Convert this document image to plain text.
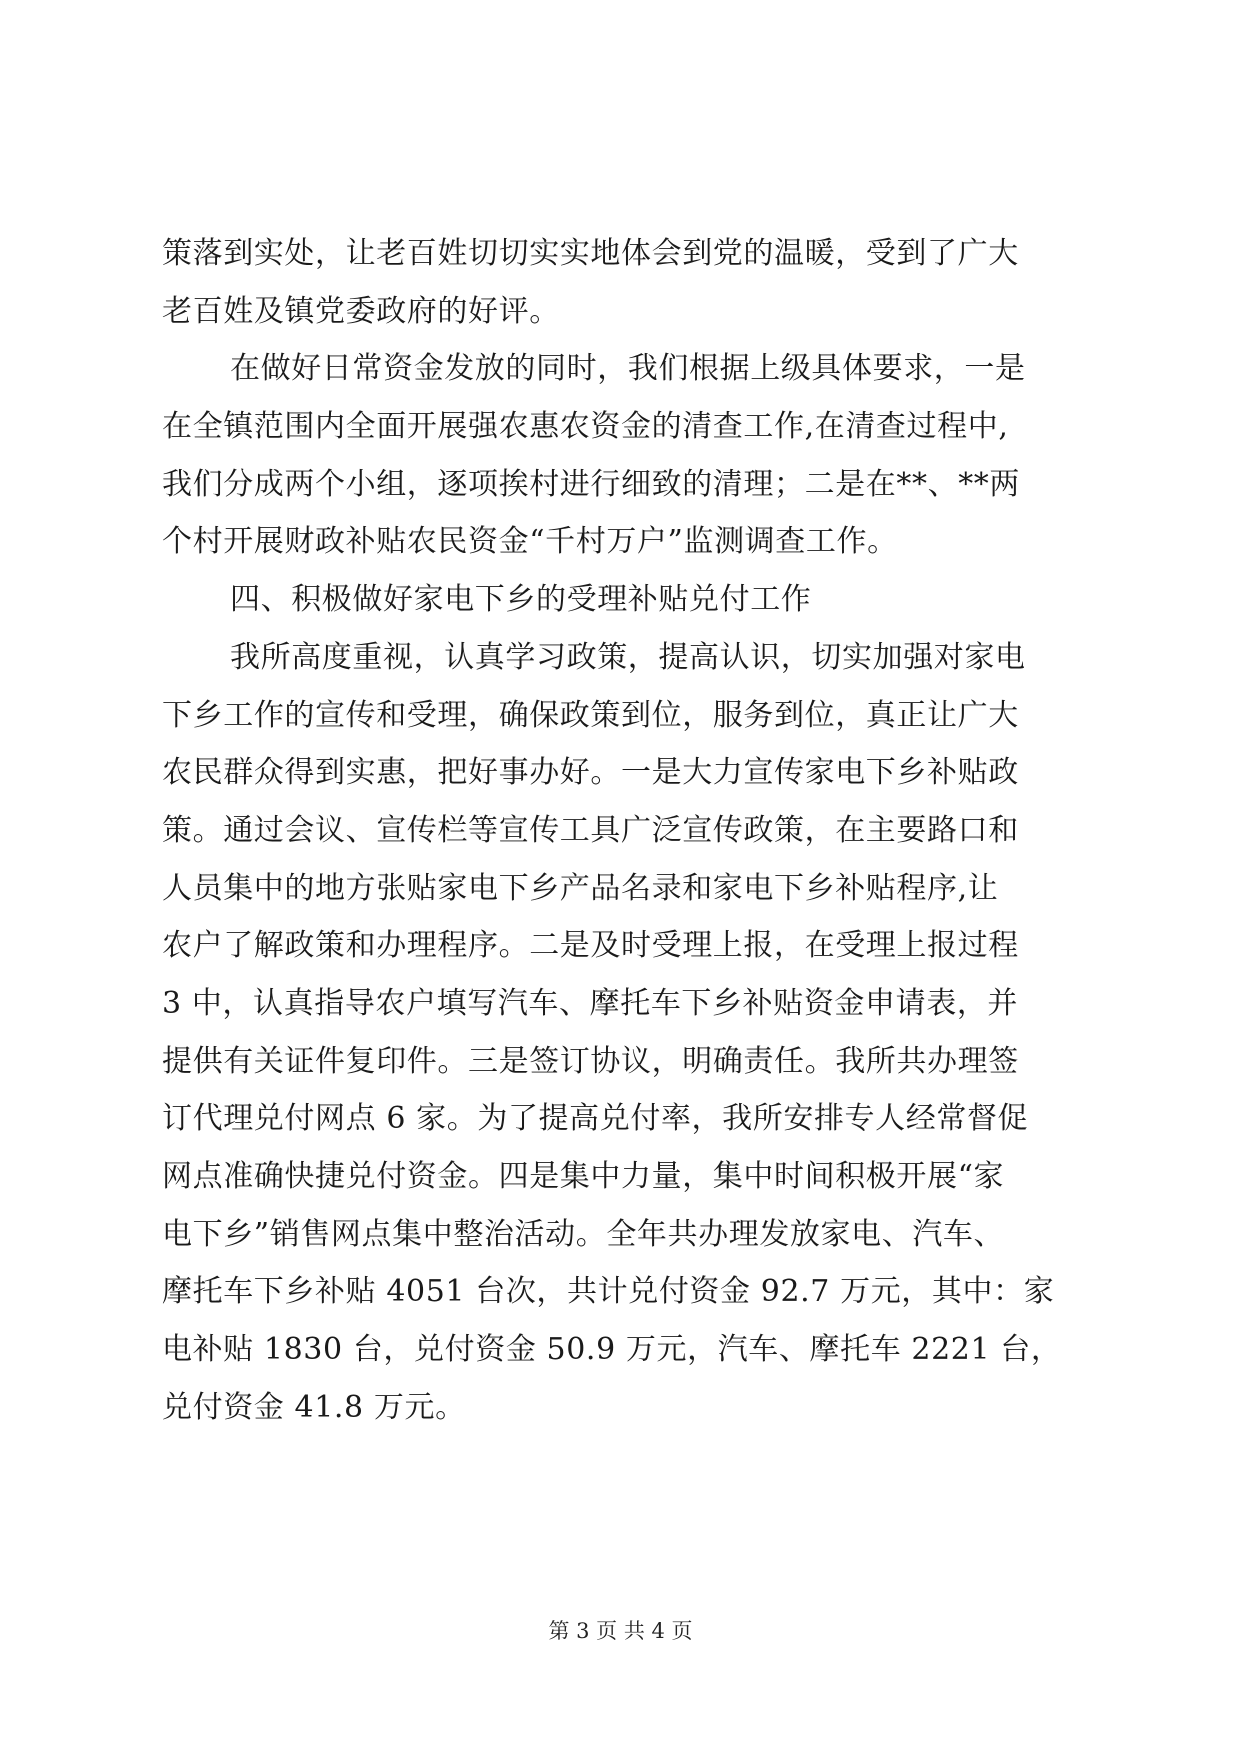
策落到实处，让老百姓切切实实地体会到党的温暖，受到了广大
老百姓及镇党委政府的好评。
在做好日常资金发放的同时，我们根据上级具体要求，一是
在全镇范围内全面开展强农惠农资金的清查工作,在清查过程中,
我们分成两个小组，逐项挨村进行细致的清理；二是在**、**两
个村开展财政补贴农民资金“千村万户”监测调查工作。
四、积极做好家电下乡的受理补贴兑付工作
我所高度重视，认真学习政策，提高认识，切实加强对家电
下乡工作的宣传和受理，确保政策到位，服务到位，真正让广大
农民群众得到实惠，把好事办好。一是大力宣传家电下乡补贴政
策。通过会议、宣传栏等宣传工具广泛宣传政策，在主要路口和
人员集中的地方张贴家电下乡产品名录和家电下乡补贴程序,让
农户了解政策和办理程序。二是及时受理上报，在受理上报过程
3 中，认真指导农户填写汽车、摩托车下乡补贴资金申请表，并
提供有关证件复印件。三是签订协议，明确责任。我所共办理签
订代理兑付网点 6 家。为了提高兑付率，我所安排专人经常督促
网点准确快捷兑付资金。四是集中力量，集中时间积极开展“家
电下乡”销售网点集中整治活动。全年共办理发放家电、汽车、
摩托车下乡补贴 4051 台次，共计兑付资金 92.7 万元，其中：家
电补贴 1830 台，兑付资金 50.9 万元，汽车、摩托车 2221 台，
兑付资金 41.8 万元。
第 3 页 共 4 页
